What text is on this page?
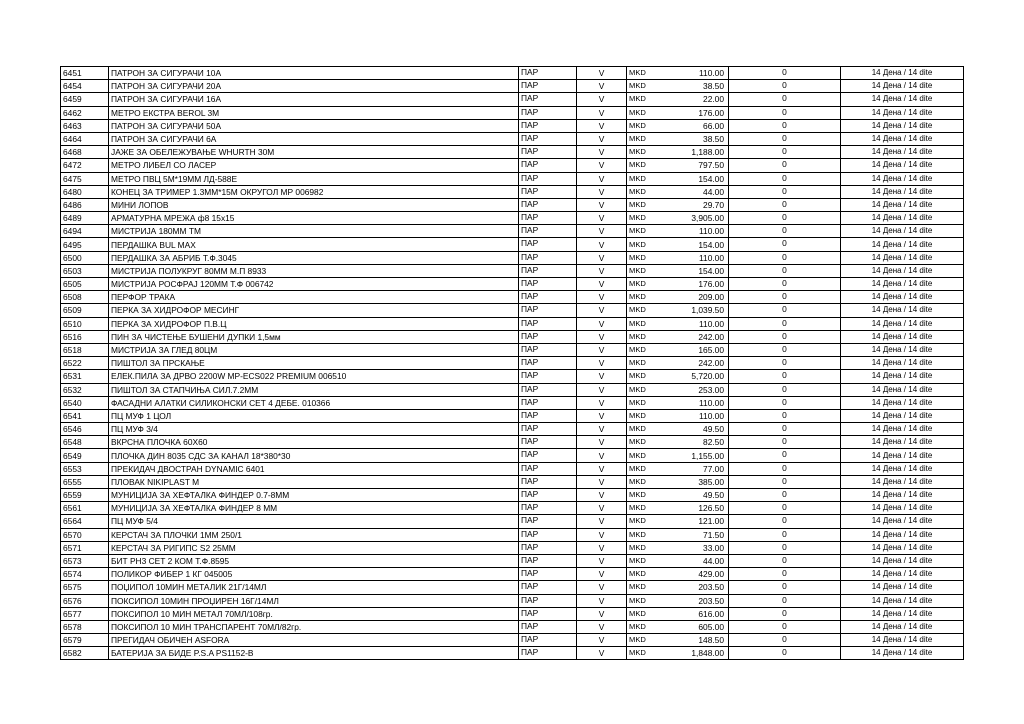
6451	ПАТРОН ЗА СИГУРАЧИ 10А	ПАР	V	MKD	110.00	0	14 Дена / 14 dite
6454	ПАТРОН ЗА СИГУРАЧИ 20А	ПАР	V	MKD	38.50	0	14 Дена / 14 dite
6459	ПАТРОН ЗА СИГУРАЧИ 16А	ПАР	V	MKD	22.00	0	14 Дена / 14 dite
6462	МЕТРО ЕКСТРА BEROL 3М	ПАР	V	MKD	176.00	0	14 Дена / 14 dite
6463	ПАТРОН ЗА СИГУРАЧИ 50А	ПАР	V	MKD	66.00	0	14 Дена / 14 dite
6464	ПАТРОН ЗА СИГУРАЧИ 6А	ПАР	V	MKD	38.50	0	14 Дена / 14 dite
6468	ЈАЖЕ ЗА ОБЕЛЕЖУВАЊЕ WHURTH 30М	ПАР	V	MKD	1,188.00	0	14 Дена / 14 dite
6472	МЕТРО ЛИБЕЛ СО ЛАСЕР	ПАР	V	MKD	797.50	0	14 Дена / 14 dite
6475	МЕТРО ПВЦ 5М*19ММ ЛД-588Е	ПАР	V	MKD	154.00	0	14 Дена / 14 dite
6480	КОНЕЦ ЗА ТРИМЕР 1.3ММ*15М ОКРУГОЛ МР 006982	ПАР	V	MKD	44.00	0	14 Дена / 14 dite
6486	МИНИ ЛОПОВ	ПАР	V	MKD	29.70	0	14 Дена / 14 dite
6489	АРМАТУРНА МРЕЖА ф8 15x15	ПАР	V	MKD	3,905.00	0	14 Дена / 14 dite
6494	МИСТРИЈА 180ММ ТМ	ПАР	V	MKD	110.00	0	14 Дена / 14 dite
6495	ПЕРДАШКА BUL MAX	ПАР	V	MKD	154.00	0	14 Дена / 14 dite
6500	ПЕРДАШКА ЗА АБРИБ Т.Ф.3045	ПАР	V	MKD	110.00	0	14 Дена / 14 dite
6503	МИСТРИЈА ПОЛУКРУГ 80ММ М.П 8933	ПАР	V	MKD	154.00	0	14 Дена / 14 dite
6505	МИСТРИЈА РОСФРАЈ 120ММ Т.Ф 006742	ПАР	V	MKD	176.00	0	14 Дена / 14 dite
6508	ПЕРФОР ТРАКА	ПАР	V	MKD	209.00	0	14 Дена / 14 dite
6509	ПЕРКА ЗА ХИДРОФОР МЕСИНГ	ПАР	V	MKD	1,039.50	0	14 Дена / 14 dite
6510	ПЕРКА ЗА ХИДРОФОР П.В.Ц	ПАР	V	MKD	110.00	0	14 Дена / 14 dite
6516	ПИН ЗА ЧИСТЕЊЕ БУШЕНИ ДУПКИ 1,5мм	ПАР	V	MKD	242.00	0	14 Дена / 14 dite
6518	МИСТРИЈА ЗА ГЛЕД 80ЦМ	ПАР	V	MKD	165.00	0	14 Дена / 14 dite
6522	ПИШТОЛ ЗА ПРСКАЊЕ	ПАР	V	MKD	242.00	0	14 Дена / 14 dite
6531	ЕЛЕК.ПИЛА ЗА ДРВО 2200W MP-ECS022 PREMIUM 006510	ПАР	V	MKD	5,720.00	0	14 Дена / 14 dite
6532	ПИШТОЛ ЗА СТАПЧИЊА СИЛ.7.2ММ	ПАР	V	MKD	253.00	0	14 Дена / 14 dite
6540	ФАСАДНИ АЛАТКИ СИЛИКОНСКИ СЕТ 4 ДЕБЕ. 010366	ПАР	V	MKD	110.00	0	14 Дена / 14 dite
6541	ПЦ МУФ 1 ЦОЛ	ПАР	V	MKD	110.00	0	14 Дена / 14 dite
6546	ПЦ МУФ 3/4	ПАР	V	MKD	49.50	0	14 Дена / 14 dite
6548	ВКРСНА ПЛОЧКА 60Х60	ПАР	V	MKD	82.50	0	14 Дена / 14 dite
6549	ПЛОЧКА ДИН 8035 СДС ЗА КАНАЛ 18*380*30	ПАР	V	MKD	1,155.00	0	14 Дена / 14 dite
6553	ПРЕКИДАЧ ДВОСТРАН DYNAMIC 6401	ПАР	V	MKD	77.00	0	14 Дена / 14 dite
6555	ПЛОВАК NIKIPLAST M	ПАР	V	MKD	385.00	0	14 Дена / 14 dite
6559	МУНИЦИЈА ЗА ХЕФТАЛКА ФИНДЕР 0.7-8ММ	ПАР	V	MKD	49.50	0	14 Дена / 14 dite
6561	МУНИЦИЈА ЗА ХЕФТАЛКА ФИНДЕР 8 ММ	ПАР	V	MKD	126.50	0	14 Дена / 14 dite
6564	ПЦ МУФ 5/4	ПАР	V	MKD	121.00	0	14 Дена / 14 dite
6570	КЕРСТАЧ ЗА ПЛОЧКИ 1ММ 250/1	ПАР	V	MKD	71.50	0	14 Дена / 14 dite
6571	КЕРСТАЧ ЗА РИГИПС S2 25ММ	ПАР	V	MKD	33.00	0	14 Дена / 14 dite
6573	БИТ PH3 СЕТ 2 КОМ Т.Ф.8595	ПАР	V	MKD	44.00	0	14 Дена / 14 dite
6574	ПОЛИКОР ФИБЕР 1 КГ 045005	ПАР	V	MKD	429.00	0	14 Дена / 14 dite
6575	ПОЏИПОЛ 10МИН МЕТАЛИК 21Г/14МЛ	ПАР	V	MKD	203.50	0	14 Дена / 14 dite
6576	ПОКСИПОЛ 10МИН ПРОЏИРЕН 16Г/14МЛ	ПАР	V	MKD	203.50	0	14 Дена / 14 dite
6577	ПОКСИПОЛ 10 МИН МЕТАЛ 70МЛ/108гр.	ПАР	V	MKD	616.00	0	14 Дена / 14 dite
6578	ПОКСИПОЛ 10 МИН ТРАНСПАРЕНТ 70МЛ/82гр.	ПАР	V	MKD	605.00	0	14 Дена / 14 dite
6579	ПРЕГИДАЧ ОБИЧЕН ASFORA	ПАР	V	MKD	148.50	0	14 Дена / 14 dite
6582	БАТЕРИЈА ЗА БИДЕ P.S.A PS1152-B	ПАР	V	MKD	1,848.00	0	14 Дена / 14 dite
